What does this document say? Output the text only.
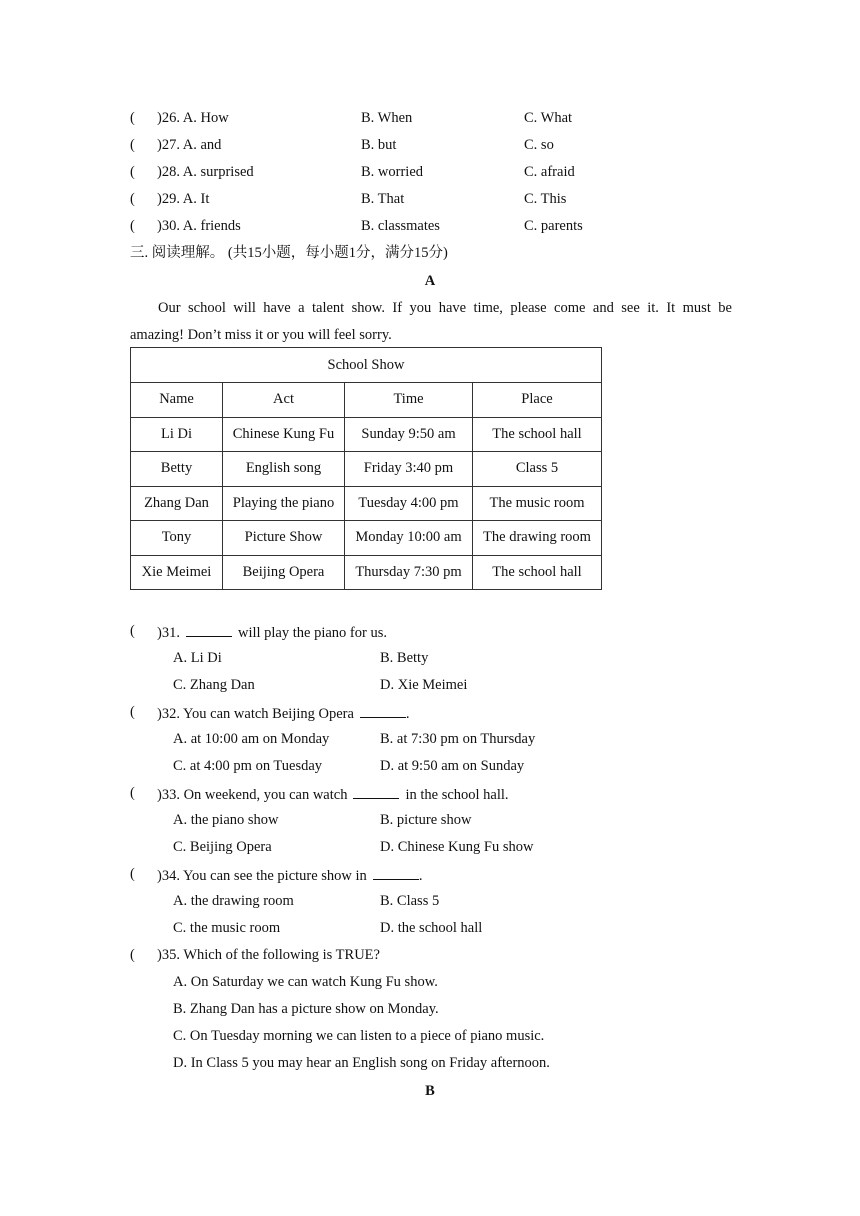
( )26. A. How	B. When	C. What
( )27. A. and	B. but	C. so
( )28. A. surprised	B. worried	C. afraid
( )29. A. It	B. That	C. This
( )30. A. friends	B. classmates	C. parents
三. 阅读理解。 (共15小题，每小题1分，满分15分)
A
Our school will have a talent show. If you have time, please come and see it. It must be
amazing! Don’t miss it or you will feel sorry.
School Show			
Name	Act	Time	Place
Li Di	Chinese Kung Fu	Sunday 9:50 am	The school hall
Betty	English song	Friday 3:40 pm	Class 5
Zhang Dan	Playing the piano	Tuesday 4:00 pm	The music room
Tony	Picture Show	Monday 10:00 am	The drawing room
Xie Meimei	Beijing Opera	Thursday 7:30 pm	The school hall
( )31.	will play the piano for us.
A. Li Di	B. Betty
C. Zhang Dan	D. Xie Meimei
( )32. You can watch Beijing Opera	.
A. at 10:00 am on Monday	B. at 7:30 pm on Thursday
C. at 4:00 pm on Tuesday	D. at 9:50 am on Sunday
( )33. On weekend, you can watch	in the school hall.
A. the piano show	B. picture show
C. Beijing Opera	D. Chinese Kung Fu show
( )34. You can see the picture show in	.
A. the drawing room	B. Class 5
C. the music room	D. the school hall
( )35. Which of the following is TRUE?
A. On Saturday we can watch Kung Fu show.
B. Zhang Dan has a picture show on Monday.
C. On Tuesday morning we can listen to a piece of piano music.
D. In Class 5 you may hear an English song on Friday afternoon.
B
